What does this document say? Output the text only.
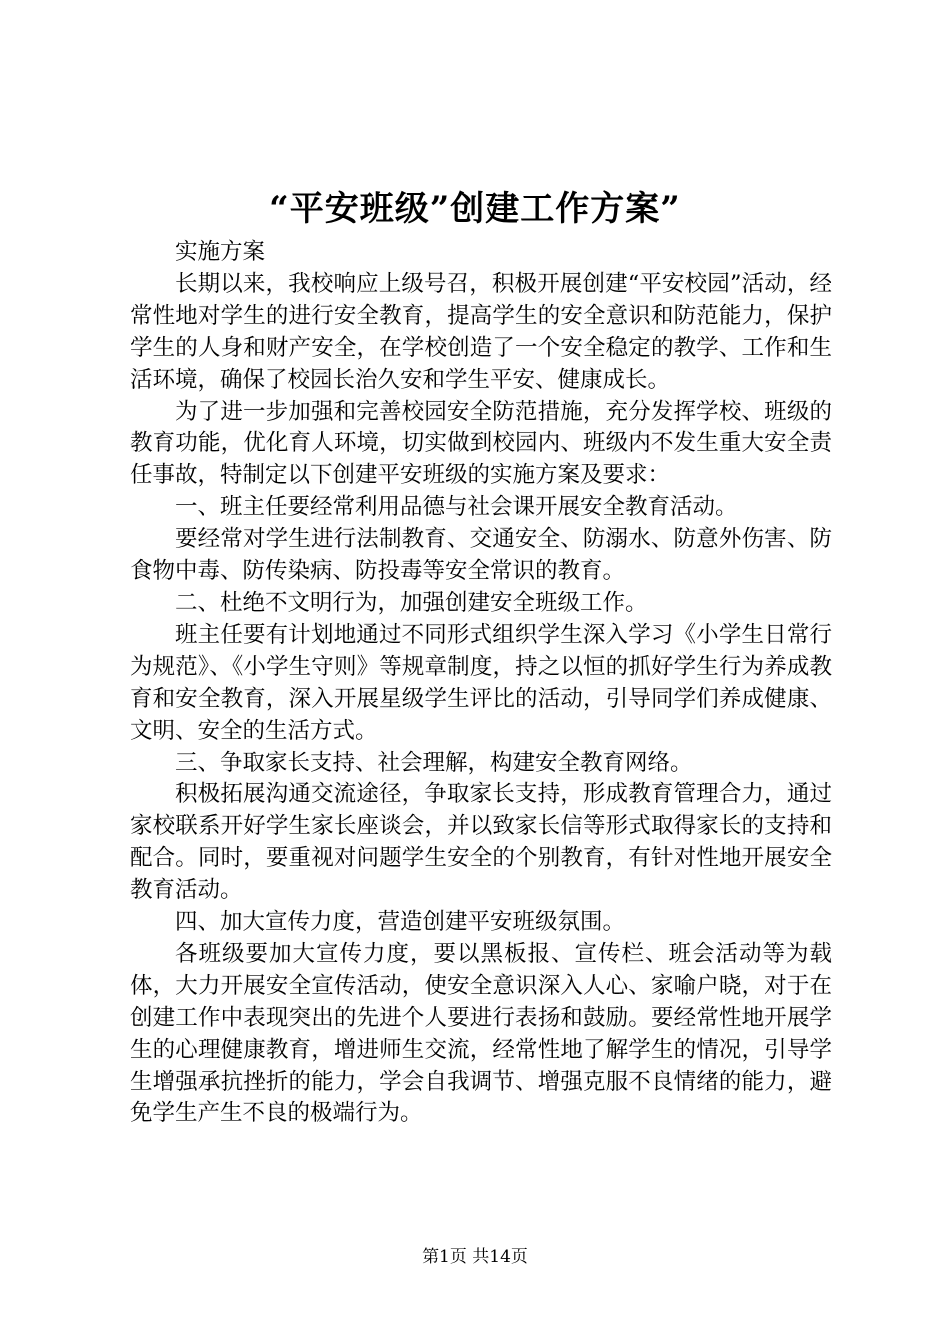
“平安班级”创建工作方案”

实施方案

长期以来，我校响应上级号召，积极开展创建“平安校园”活动，经常性地对学生的进行安全教育，提高学生的安全意识和防范能力，保护学生的人身和财产安全，在学校创造了一个安全稳定的教学、工作和生活环境，确保了校园长治久安和学生平安、健康成长。

为了进一步加强和完善校园安全防范措施，充分发挥学校、班级的教育功能，优化育人环境，切实做到校园内、班级内不发生重大安全责任事故，特制定以下创建平安班级的实施方案及要求：

一、班主任要经常利用品德与社会课开展安全教育活动。

要经常对学生进行法制教育、交通安全、防溺水、防意外伤害、防食物中毒、防传染病、防投毒等安全常识的教育。

二、杜绝不文明行为，加强创建安全班级工作。

班主任要有计划地通过不同形式组织学生深入学习《小学生日常行为规范》、《小学生守则》等规章制度，持之以恒的抓好学生行为养成教育和安全教育，深入开展星级学生评比的活动，引导同学们养成健康、文明、安全的生活方式。

三、争取家长支持、社会理解，构建安全教育网络。

积极拓展沟通交流途径，争取家长支持，形成教育管理合力，通过家校联系开好学生家长座谈会，并以致家长信等形式取得家长的支持和配合。同时，要重视对问题学生安全的个别教育，有针对性地开展安全教育活动。

四、加大宣传力度，营造创建平安班级氛围。

各班级要加大宣传力度，要以黑板报、宣传栏、班会活动等为载体，大力开展安全宣传活动，使安全意识深入人心、家喻户晓，对于在创建工作中表现突出的先进个人要进行表扬和鼓励。要经常性地开展学生的心理健康教育，增进师生交流，经常性地了解学生的情况，引导学生增强承抗挫折的能力，学会自我调节、增强克服不良情绪的能力，避免学生产生不良的极端行为。

第1页 共14页
